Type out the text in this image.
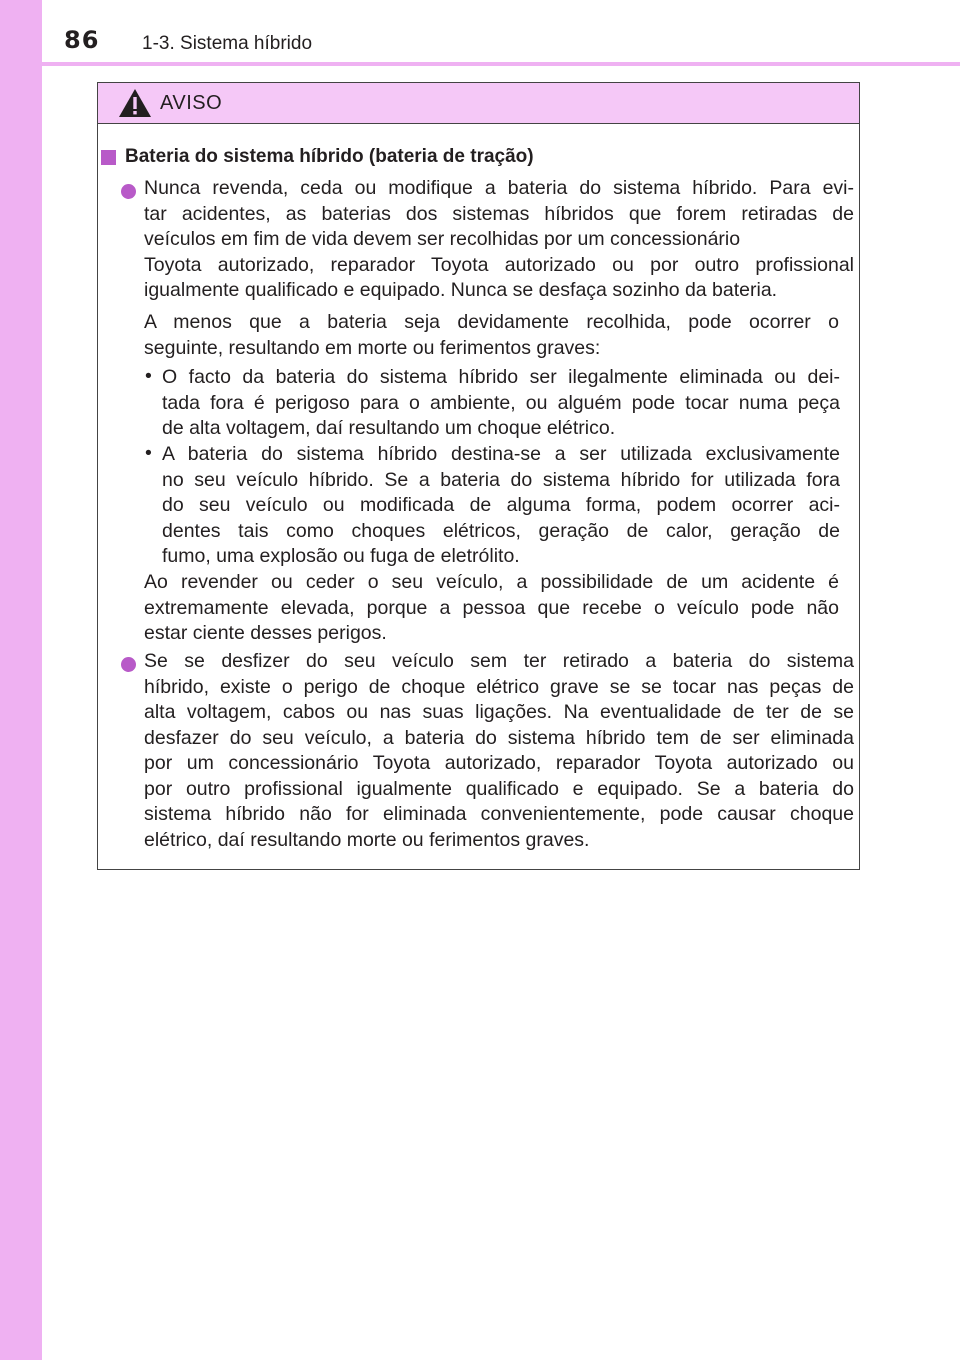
86 1-3. Sistema híbrido
AVISO
Bateria do sistema híbrido (bateria de tração)
Nunca revenda, ceda ou modifique a bateria do sistema híbrido. Para evi-
tar acidentes, as baterias dos sistemas híbridos que forem retiradas de
veículos em fim de vida devem ser recolhidas por um concessionário
Toyota autorizado, reparador Toyota autorizado ou por outro profissional
igualmente qualificado e equipado. Nunca se desfaça sozinho da bateria.
A menos que a bateria seja devidamente recolhida, pode ocorrer o
seguinte, resultando em morte ou ferimentos graves:
• O facto da bateria do sistema híbrido ser ilegalmente eliminada ou dei-
tada fora é perigoso para o ambiente, ou alguém pode tocar numa peça
de alta voltagem, daí resultando um choque elétrico.
• A bateria do sistema híbrido destina-se a ser utilizada exclusivamente
no seu veículo híbrido. Se a bateria do sistema híbrido for utilizada fora
do seu veículo ou modificada de alguma forma, podem ocorrer aci-
dentes tais como choques elétricos, geração de calor, geração de
fumo, uma explosão ou fuga de eletrólito.
Ao revender ou ceder o seu veículo, a possibilidade de um acidente é
extremamente elevada, porque a pessoa que recebe o veículo pode não
estar ciente desses perigos.
Se se desfizer do seu veículo sem ter retirado a bateria do sistema
híbrido, existe o perigo de choque elétrico grave se se tocar nas peças de
alta voltagem, cabos ou nas suas ligações. Na eventualidade de ter de se
desfazer do seu veículo, a bateria do sistema híbrido tem de ser eliminada
por um concessionário Toyota autorizado, reparador Toyota autorizado ou
por outro profissional igualmente qualificado e equipado. Se a bateria do
sistema híbrido não for eliminada convenientemente, pode causar choque
elétrico, daí resultando morte ou ferimentos graves.
